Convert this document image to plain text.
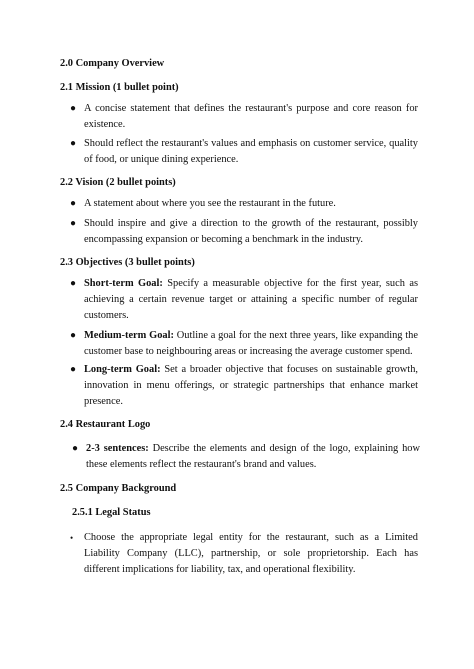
2.0 Company Overview
2.1 Mission (1 bullet point)
● A concise statement that defines the restaurant's purpose and core reason for existence.
● Should reflect the restaurant's values and emphasis on customer service, quality of food, or unique dining experience.
2.2 Vision (2 bullet points)
● A statement about where you see the restaurant in the future.
● Should inspire and give a direction to the growth of the restaurant, possibly encompassing expansion or becoming a benchmark in the industry.
2.3 Objectives (3 bullet points)
● Short-term Goal: Specify a measurable objective for the first year, such as achieving a certain revenue target or attaining a specific number of regular customers.
● Medium-term Goal: Outline a goal for the next three years, like expanding the customer base to neighbouring areas or increasing the average customer spend.
● Long-term Goal: Set a broader objective that focuses on sustainable growth, innovation in menu offerings, or strategic partnerships that enhance market presence.
2.4 Restaurant Logo
● 2-3 sentences: Describe the elements and design of the logo, explaining how these elements reflect the restaurant's brand and values.
2.5 Company Background
2.5.1 Legal Status
• Choose the appropriate legal entity for the restaurant, such as a Limited Liability Company (LLC), partnership, or sole proprietorship. Each has different implications for liability, tax, and operational flexibility.
